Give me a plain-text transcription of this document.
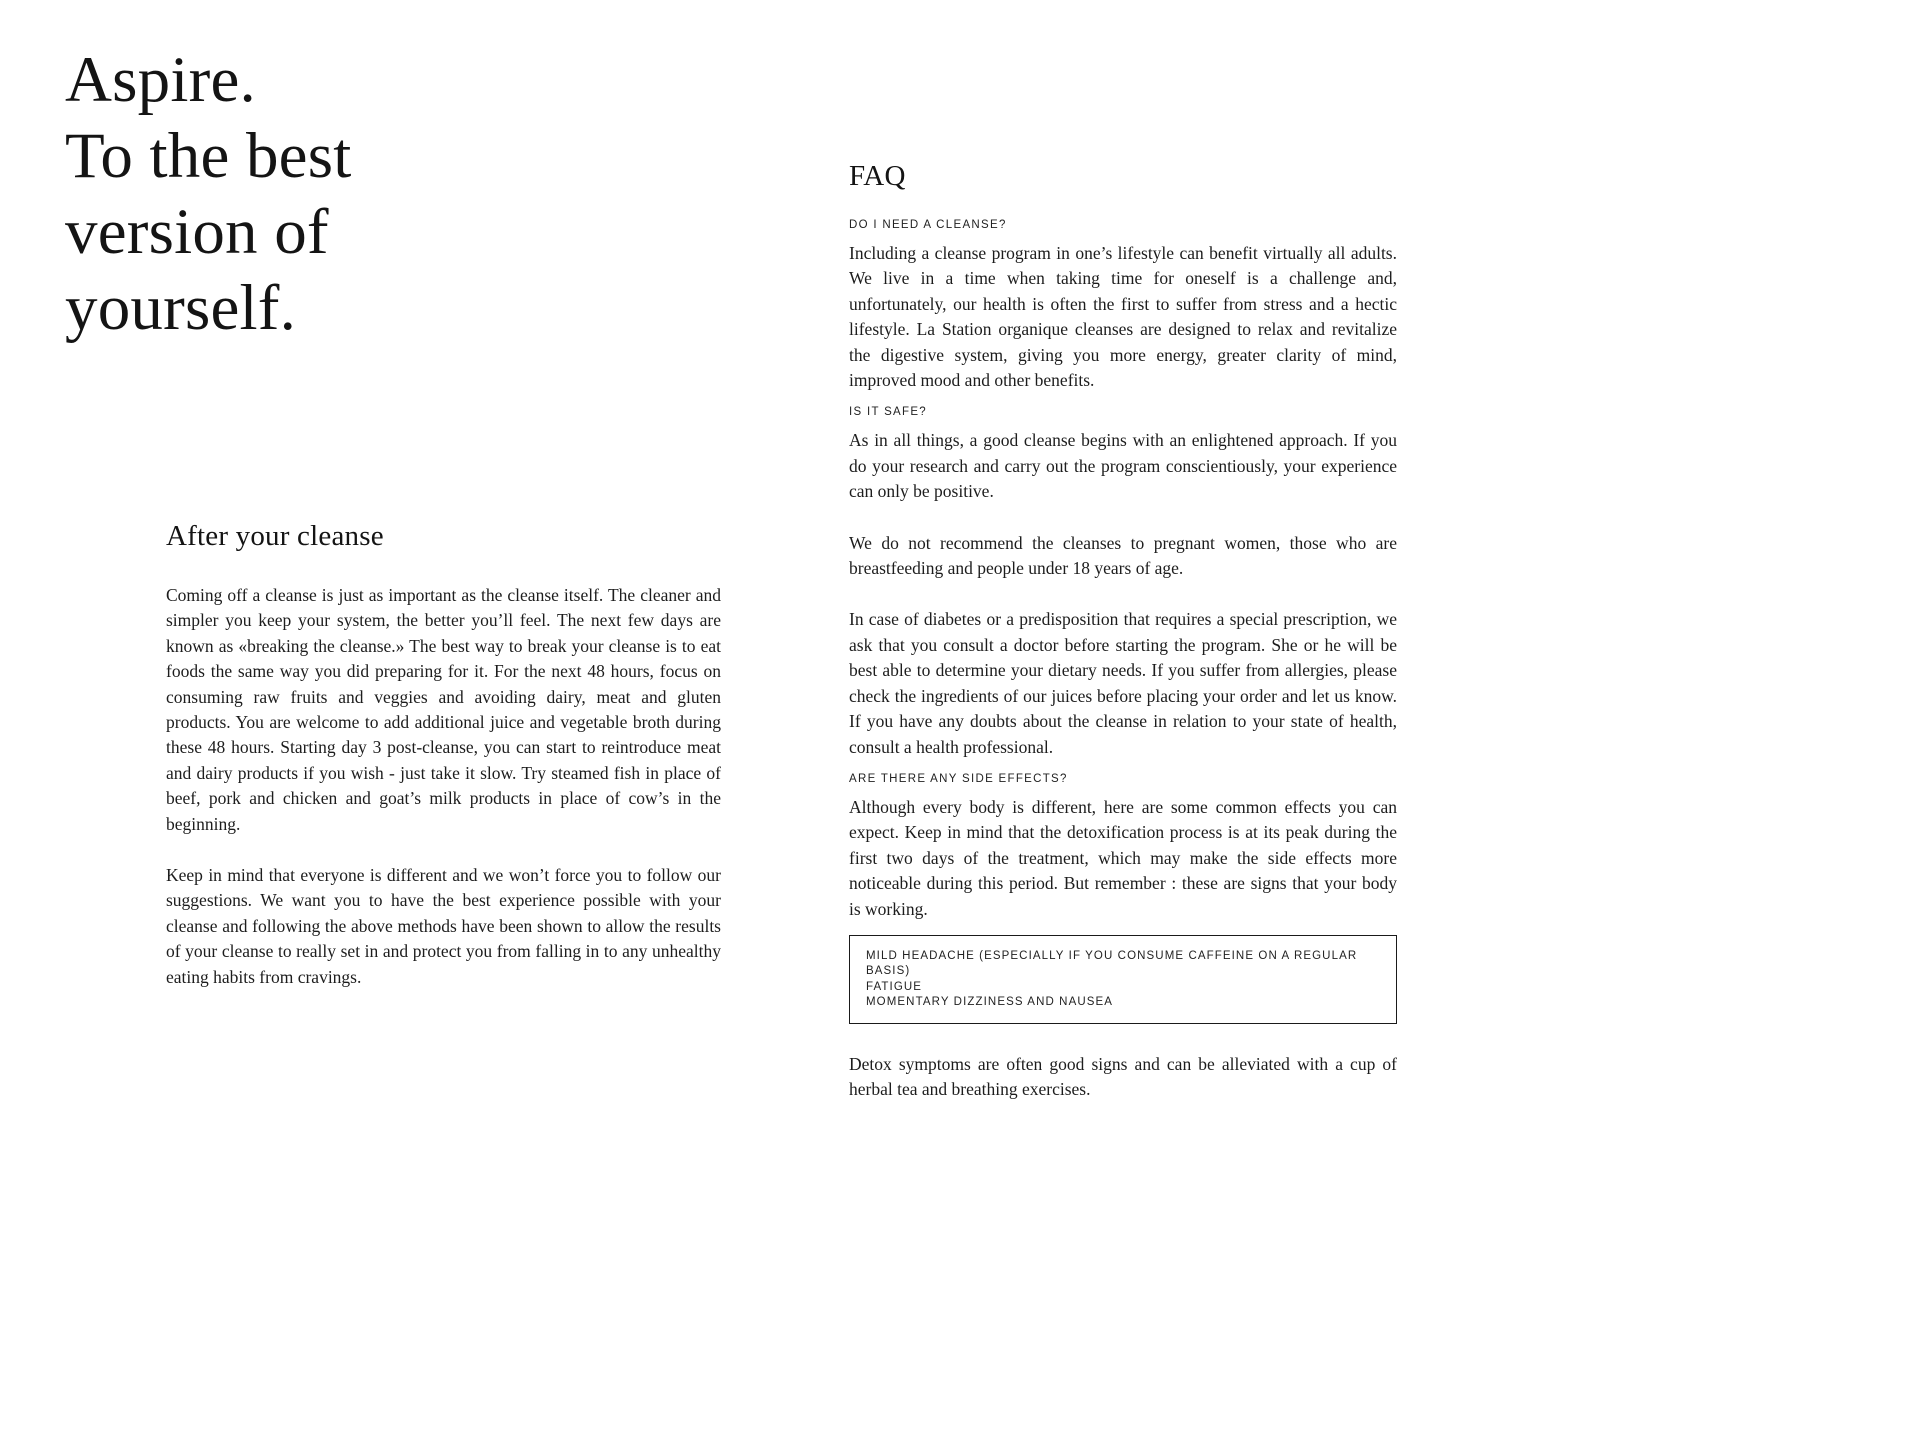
Aspire.
To the best
version of
yourself.
After your cleanse

Coming off a cleanse is just as important as the cleanse itself. The cleaner and simpler you keep your system, the better you’ll feel. The next few days are known as «breaking the cleanse.» The best way to break your cleanse is to eat foods the same way you did preparing for it. For the next 48 hours, focus on consuming raw fruits and veggies and avoiding dairy, meat and gluten products. You are welcome to add additional juice and vegetable broth during these 48 hours. Starting day 3 post-cleanse, you can start to reintroduce meat and dairy products if you wish - just take it slow. Try steamed fish in place of beef, pork and chicken and goat’s milk products in place of cow’s in the beginning.

Keep in mind that everyone is different and we won’t force you to follow our suggestions. We want you to have the best experience possible with your cleanse and following the above methods have been shown to allow the results of your cleanse to really set in and protect you from falling in to any unhealthy eating habits from cravings.

FAQ
DO I NEED A CLEANSE?

Including a cleanse program in one’s lifestyle can benefit virtually all adults. We live in a time when taking time for oneself is a challenge and, unfortunately, our health is often the first to suffer from stress and a hectic lifestyle. La Station organique cleanses are designed to relax and revitalize the digestive system, giving you more energy, greater clarity of mind, improved mood and other benefits.

IS IT SAFE?

As in all things, a good cleanse begins with an enlightened approach. If you do your research and carry out the program conscientiously, your experience can only be positive.

We do not recommend the cleanses to pregnant women, those who are breastfeeding and people under 18 years of age.

In case of diabetes or a predisposition that requires a special prescription, we ask that you consult a doctor before starting the program. She or he will be best able to determine your dietary needs. If you suffer from allergies, please check the ingredients of our juices before placing your order and let us know. If you have any doubts about the cleanse in relation to your state of health, consult a health professional.

ARE THERE ANY SIDE EFFECTS?

Although every body is different, here are some common effects you can expect. Keep in mind that the detoxification process is at its peak during the first two days of the treatment, which may make the side effects more noticeable during this period. But remember : these are signs that your body is working.

MILD HEADACHE (ESPECIALLY IF YOU CONSUME CAFFEINE ON A REGULAR BASIS)
FATIGUE
MOMENTARY DIZZINESS AND NAUSEA

Detox symptoms are often good signs and can be alleviated with a cup of herbal tea and breathing exercises.
